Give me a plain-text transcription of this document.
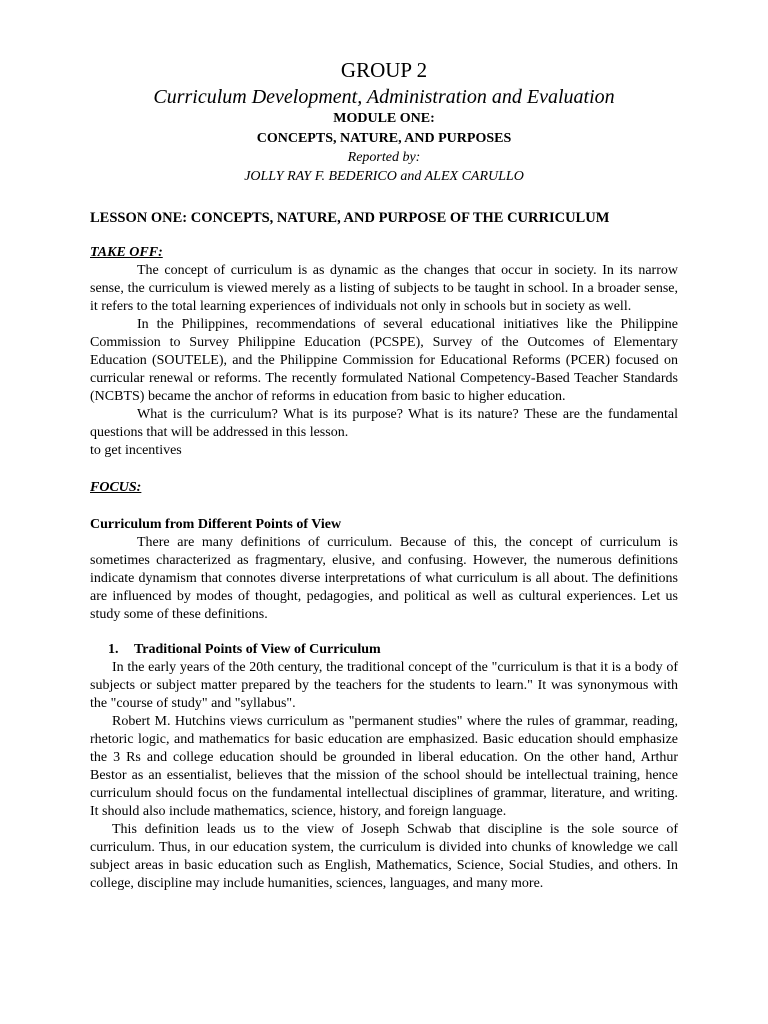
GROUP 2
Curriculum Development, Administration and Evaluation
MODULE ONE:
CONCEPTS, NATURE, AND PURPOSES
Reported by:
JOLLY RAY F. BEDERICO and ALEX CARULLO
LESSON ONE: CONCEPTS, NATURE, AND PURPOSE OF THE CURRICULUM
TAKE OFF:

The concept of curriculum is as dynamic as the changes that occur in society. In its narrow sense, the curriculum is viewed merely as a listing of subjects to be taught in school. In a broader sense, it refers to the total learning experiences of individuals not only in schools but in society as well.

In the Philippines, recommendations of several educational initiatives like the Philippine Commission to Survey Philippine Education (PCSPE), Survey of the Outcomes of Elementary Education (SOUTELE), and the Philippine Commission for Educational Reforms (PCER) focused on curricular renewal or reforms. The recently formulated National Competency-Based Teacher Standards (NCBTS) became the anchor of reforms in education from basic to higher education.

What is the curriculum? What is its purpose? What is its nature? These are the fundamental questions that will be addressed in this lesson.

to get incentives

FOCUS:
Curriculum from Different Points of View

There are many definitions of curriculum. Because of this, the concept of curriculum is sometimes characterized as fragmentary, elusive, and confusing. However, the numerous definitions indicate dynamism that connotes diverse interpretations of what curriculum is all about. The definitions are influenced by modes of thought, pedagogies, and political as well as cultural experiences. Let us study some of these definitions.

1. Traditional Points of View of Curriculum

In the early years of the 20th century, the traditional concept of the "curriculum is that it is a body of subjects or subject matter prepared by the teachers for the students to learn." It was synonymous with the "course of study" and "syllabus".

Robert M. Hutchins views curriculum as "permanent studies" where the rules of grammar, reading, rhetoric logic, and mathematics for basic education are emphasized. Basic education should emphasize the 3 Rs and college education should be grounded in liberal education. On the other hand, Arthur Bestor as an essentialist, believes that the mission of the school should be intellectual training, hence curriculum should focus on the fundamental intellectual disciplines of grammar, literature, and writing. It should also include mathematics, science, history, and foreign language.

This definition leads us to the view of Joseph Schwab that discipline is the sole source of curriculum. Thus, in our education system, the curriculum is divided into chunks of knowledge we call subject areas in basic education such as English, Mathematics, Science, Social Studies, and others. In college, discipline may include humanities, sciences, languages, and many more.
